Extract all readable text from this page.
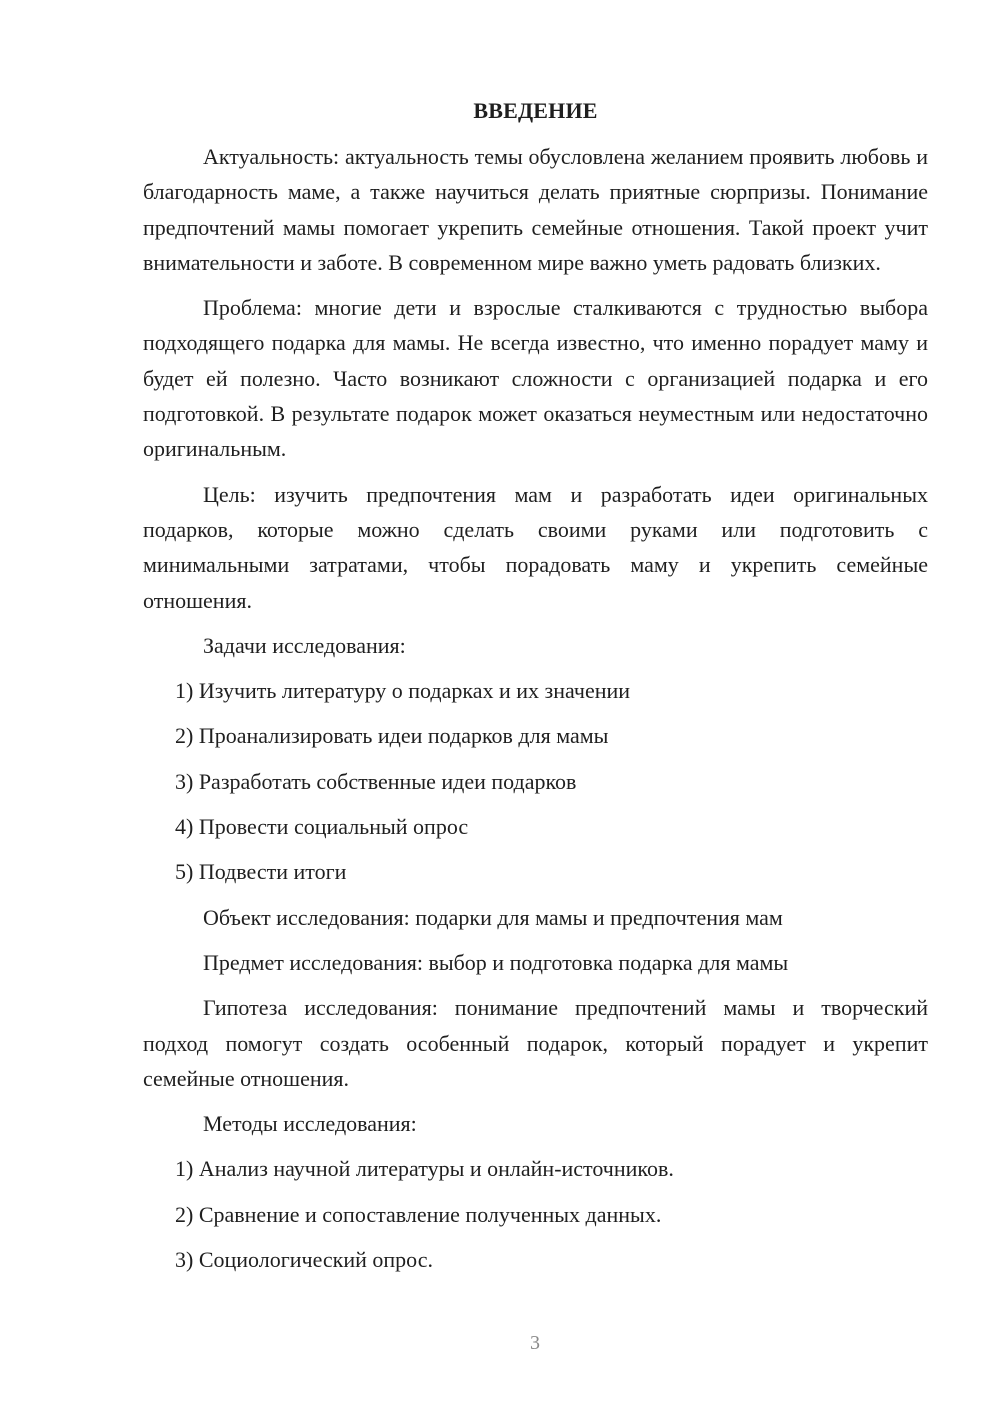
ВВЕДЕНИЕ

Актуальность: актуальность темы обусловлена желанием проявить любовь и благодарность маме, а также научиться делать приятные сюрпризы. Понимание предпочтений мамы помогает укрепить семейные отношения. Такой проект учит внимательности и заботе. В современном мире важно уметь радовать близких.

Проблема: многие дети и взрослые сталкиваются с трудностью выбора подходящего подарка для мамы. Не всегда известно, что именно порадует маму и будет ей полезно. Часто возникают сложности с организацией подарка и его подготовкой. В результате подарок может оказаться неуместным или недостаточно оригинальным.

Цель: изучить предпочтения мам и разработать идеи оригинальных подарков, которые можно сделать своими руками или подготовить с минимальными затратами, чтобы порадовать маму и укрепить семейные отношения.

Задачи исследования:

1) Изучить литературу о подарках и их значении
2) Проанализировать идеи подарков для мамы
3) Разработать собственные идеи подарков
4) Провести социальный опрос
5) Подвести итоги

Объект исследования: подарки для мамы и предпочтения мам

Предмет исследования: выбор и подготовка подарка для мамы

Гипотеза исследования: понимание предпочтений мамы и творческий подход помогут создать особенный подарок, который порадует и укрепит семейные отношения.

Методы исследования:

1) Анализ научной литературы и онлайн-источников.
2) Сравнение и сопоставление полученных данных.
3) Социологический опрос.
3
